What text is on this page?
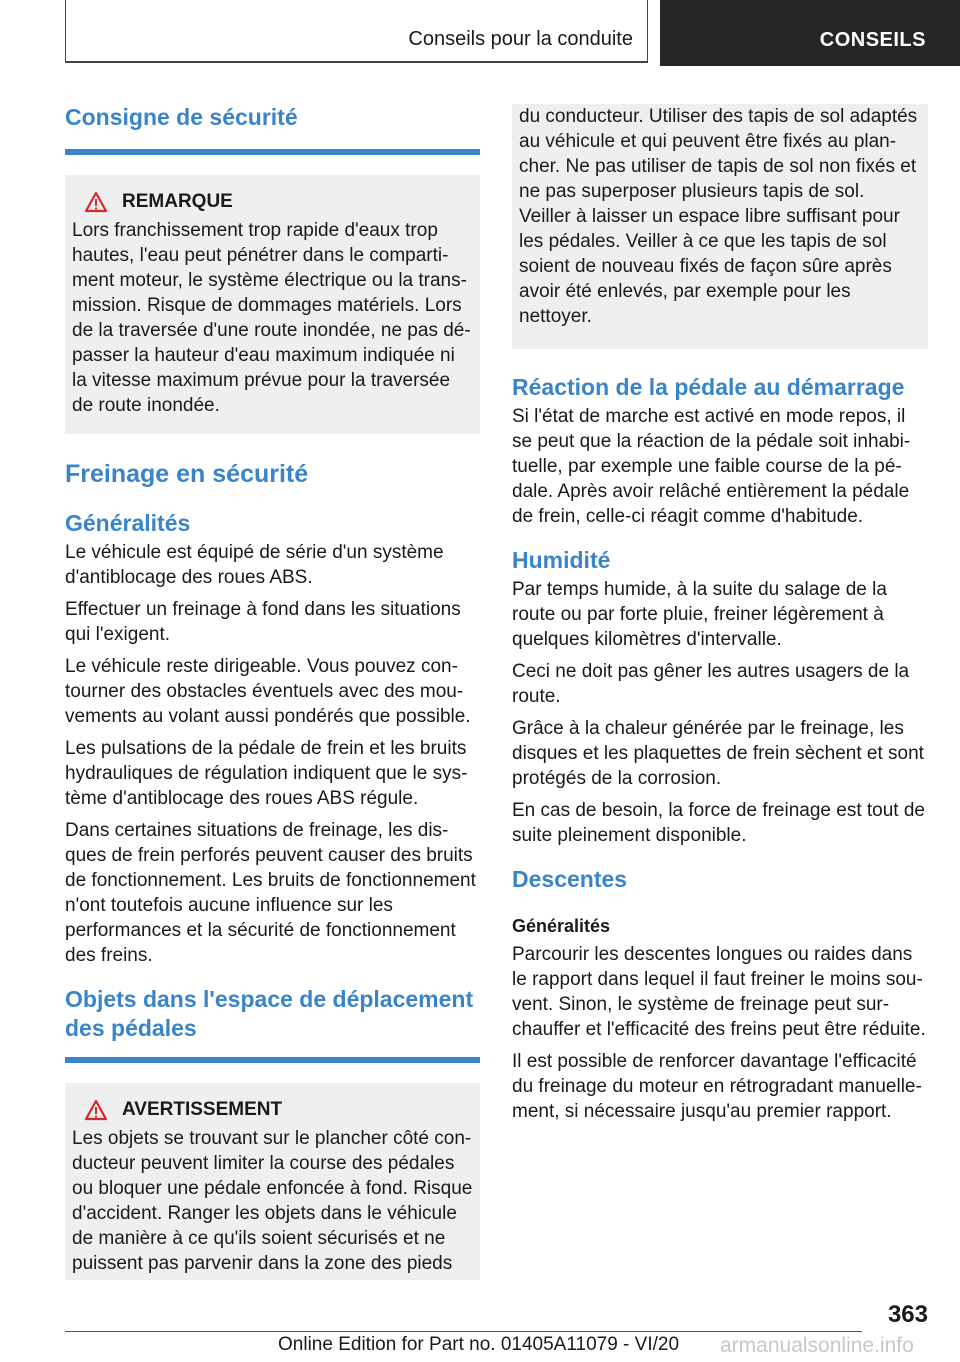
Conseils pour la conduite	CONSEILS
Consigne de sécurité
REMARQUE

Lors franchissement trop rapide d'eaux trop hautes, l'eau peut pénétrer dans le compartiment moteur, le système électrique ou la transmission. Risque de dommages matériels. Lors de la traversée d'une route inondée, ne pas dépasser la hauteur d'eau maximum indiquée ni la vitesse maximum prévue pour la traversée de route inondée.

Freinage en sécurité
Généralités

Le véhicule est équipé de série d'un système d'antiblocage des roues ABS.

Effectuer un freinage à fond dans les situations qui l'exigent.

Le véhicule reste dirigeable. Vous pouvez contourner des obstacles éventuels avec des mouvements au volant aussi pondérés que possible.

Les pulsations de la pédale de frein et les bruits hydrauliques de régulation indiquent que le système d'antiblocage des roues ABS régule.

Dans certaines situations de freinage, les disques de frein perforés peuvent causer des bruits de fonctionnement. Les bruits de fonctionnement n'ont toutefois aucune influence sur les performances et la sécurité de fonctionnement des freins.

Objets dans l'espace de déplacement des pédales
AVERTISSEMENT

Les objets se trouvant sur le plancher côté conducteur peuvent limiter la course des pédales ou bloquer une pédale enfoncée à fond. Risque d'accident. Ranger les objets dans le véhicule de manière à ce qu'ils soient sécurisés et ne puissent pas parvenir dans la zone des pieds

du conducteur. Utiliser des tapis de sol adaptés au véhicule et qui peuvent être fixés au plancher. Ne pas utiliser de tapis de sol non fixés et ne pas superposer plusieurs tapis de sol. Veiller à laisser un espace libre suffisant pour les pédales. Veiller à ce que les tapis de sol soient de nouveau fixés de façon sûre après avoir été enlevés, par exemple pour les nettoyer.

Réaction de la pédale au démarrage

Si l'état de marche est activé en mode repos, il se peut que la réaction de la pédale soit inhabituelle, par exemple une faible course de la pédale. Après avoir relâché entièrement la pédale de frein, celle-ci réagit comme d'habitude.

Humidité

Par temps humide, à la suite du salage de la route ou par forte pluie, freiner légèrement à quelques kilomètres d'intervalle.

Ceci ne doit pas gêner les autres usagers de la route.

Grâce à la chaleur générée par le freinage, les disques et les plaquettes de frein sèchent et sont protégés de la corrosion.

En cas de besoin, la force de freinage est tout de suite pleinement disponible.

Descentes
Généralités

Parcourir les descentes longues ou raides dans le rapport dans lequel il faut freiner le moins souvent. Sinon, le système de freinage peut surchauffer et l'efficacité des freins peut être réduite.

Il est possible de renforcer davantage l'efficacité du freinage du moteur en rétrogradant manuellement, si nécessaire jusqu'au premier rapport.

363
Online Edition for Part no. 01405A11079 - VI/20 armanualsonline.info
